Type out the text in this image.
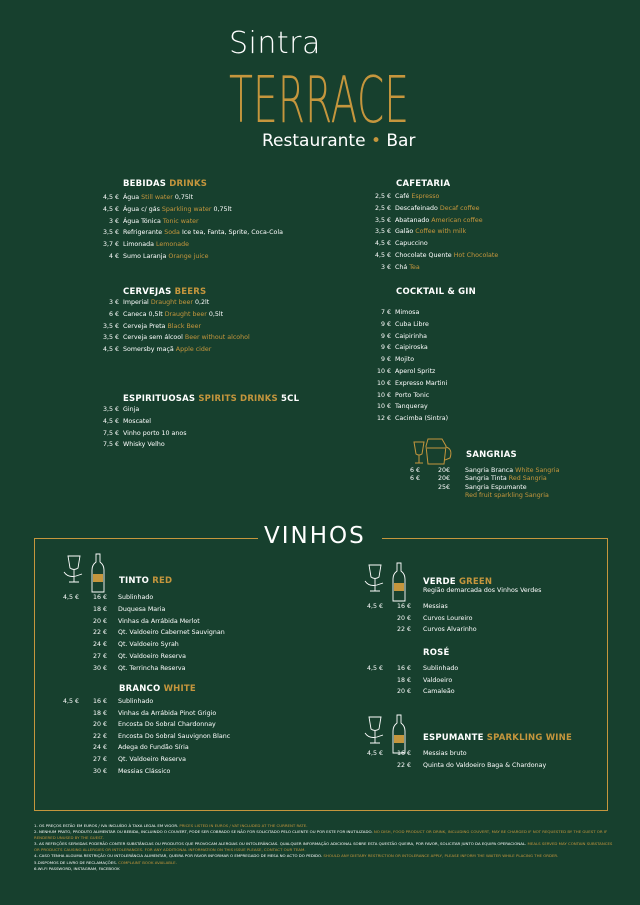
Sintra
TERRACE
Restaurante • Bar
BEBIDAS DRINKS
4,5 € Água Still water 0,75lt
4,5 € Água c/ gás Sparkling water 0,75lt
3 € Água Tónica Tonic water
3,5 € Refrigerante Soda Ice tea, Fanta, Sprite, Coca-Cola
3,7 € Limonada Lemonade
4 € Sumo Laranja Orange juice
CERVEJAS BEERS
3 € Imperial Draught beer 0,2lt
6 € Caneca 0,5lt Draught beer 0,5lt
3,5 € Cerveja Preta Black Beer
3,5 € Cerveja sem álcool Beer without alcohol
4,5 € Somersby maçã Apple cider
ESPIRITUOSAS SPIRITS DRINKS 5CL
3,5 € Ginja
4,5 € Moscatel
7,5 € Vinho porto 10 anos
7,5 € Whisky Velho
CAFETARIA
2,5 € Café Espresso
2,5 € Descafeinado Decaf coffee
3,5 € Abatanado American coffee
3,5 € Galão Coffee with milk
4,5 € Capuccino
4,5 € Chocolate Quente Hot Chocolate
3 € Chá Tea
COCKTAIL & GIN
7 € Mimosa
9 € Cuba Libre
9 € Caipirinha
9 € Caipiroska
9 € Mojito
10 € Aperol Spritz
10 € Expresso Martini
10 € Porto Tonic
10 € Tanqueray
12 € Cacimba (Sintra)
SANGRIAS
6 €	20€ Sangria Branca White Sangria
6 €	20€ Sangria Tinta Red Sangria
25€ Sangria Espumante
Red fruit sparkling Sangria
VINHOS
TINTO RED
4,5 € 16 € Sublinhado
18 € Duquesa Maria
20 € Vinhas da Arrábida Merlot
22 € Qt. Valdoeiro Cabernet Sauvignan
24 € Qt. Valdoeiro Syrah
27 € Qt. Valdoeiro Reserva
30 € Qt. Terrincha Reserva
BRANCO WHITE
4,5 € 16 € Sublinhado
18 € Vinhas da Arrábida Pinot Grigio
20 € Encosta Do Sobral Chardonnay
22 € Encosta Do Sobral Sauvignon Blanc
24 € Adega do Fundão Síria
27 € Qt. Valdoeiro Reserva
30 € Messias Clássico
VERDE GREEN
Região demarcada dos Vinhos Verdes
4,5 € 16 € Messias
20 € Curvos Loureiro
22 € Curvos Alvarinho
ROSÉ
4,5 € 16 € Sublinhado
18 € Valdoeiro
20 € Camaleão
ESPUMANTE SPARKLING WINE
4,5 € 16 € Messias bruto
22 € Quinta do Valdoeiro Baga & Chardonay
1. OS PREÇOS ESTÃO EM EUROS / IVA INCLUÍDO À TAXA LEGAL EM VIGOR. PRICES LISTED IN EUROS / VAT INCLUDED AT THE CURRENT RATE.
2. NENHUM PRATO, PRODUTO ALIMENTAR OU BEBIDA, INCLUINDO O COUVERT, PODE SER COBRADO SE NÃO FOR SOLICITADO PELO CLIENTE OU POR ESTE FOR INUTILIZADO. NO DISH, FOOD PRODUCT OR DRINK, INCLUDING COUVERT, MAY BE CHARGED IF NOT REQUESTED BY THE GUEST OR IF RENDERED UNUSED BY THE GUEST.
3. AS REFEIÇÕES SERVIDAS PODERÃO CONTER SUBSTÂNCIAS OU PRODUTOS QUE PROVOCAM ALERGIAS OU INTOLERÂNCIAS. QUALQUER INFORMAÇÃO ADICIONAL SOBRE ESTA QUESTÃO QUEIRA, POR FAVOR, SOLICITAR JUNTO DA EQUIPA OPERACIONAL. MEALS SERVED MAY CONTAIN SUBSTANCES OR PRODUCTS CAUSING ALLERGIES OR INTOLERANCES. FOR ANY ADDITIONAL INFORMATION ON THIS ISSUE PLEASE, CONTACT OUR TEAM.
4. CASO TENHA ALGUMA RESTRIÇÃO OU INTOLERÂNCIA ALIMENTAR, QUEIRA POR FAVOR INFORMAR O EMPREGADO DE MESA NO ACTO DO PEDIDO. SHOULD ANY DIETARY RESTRICTION OR INTOLERANCE APPLY, PLEASE INFORM THE WAITER WHILE PLACING THE ORDER.
5.DISPOMOS DE LIVRO DE RECLAMAÇÕES. COMPLAINT BOOK AVAILABLE.
6.WI-FI PASSWORD, INSTAGRAM, FACEBOOK
